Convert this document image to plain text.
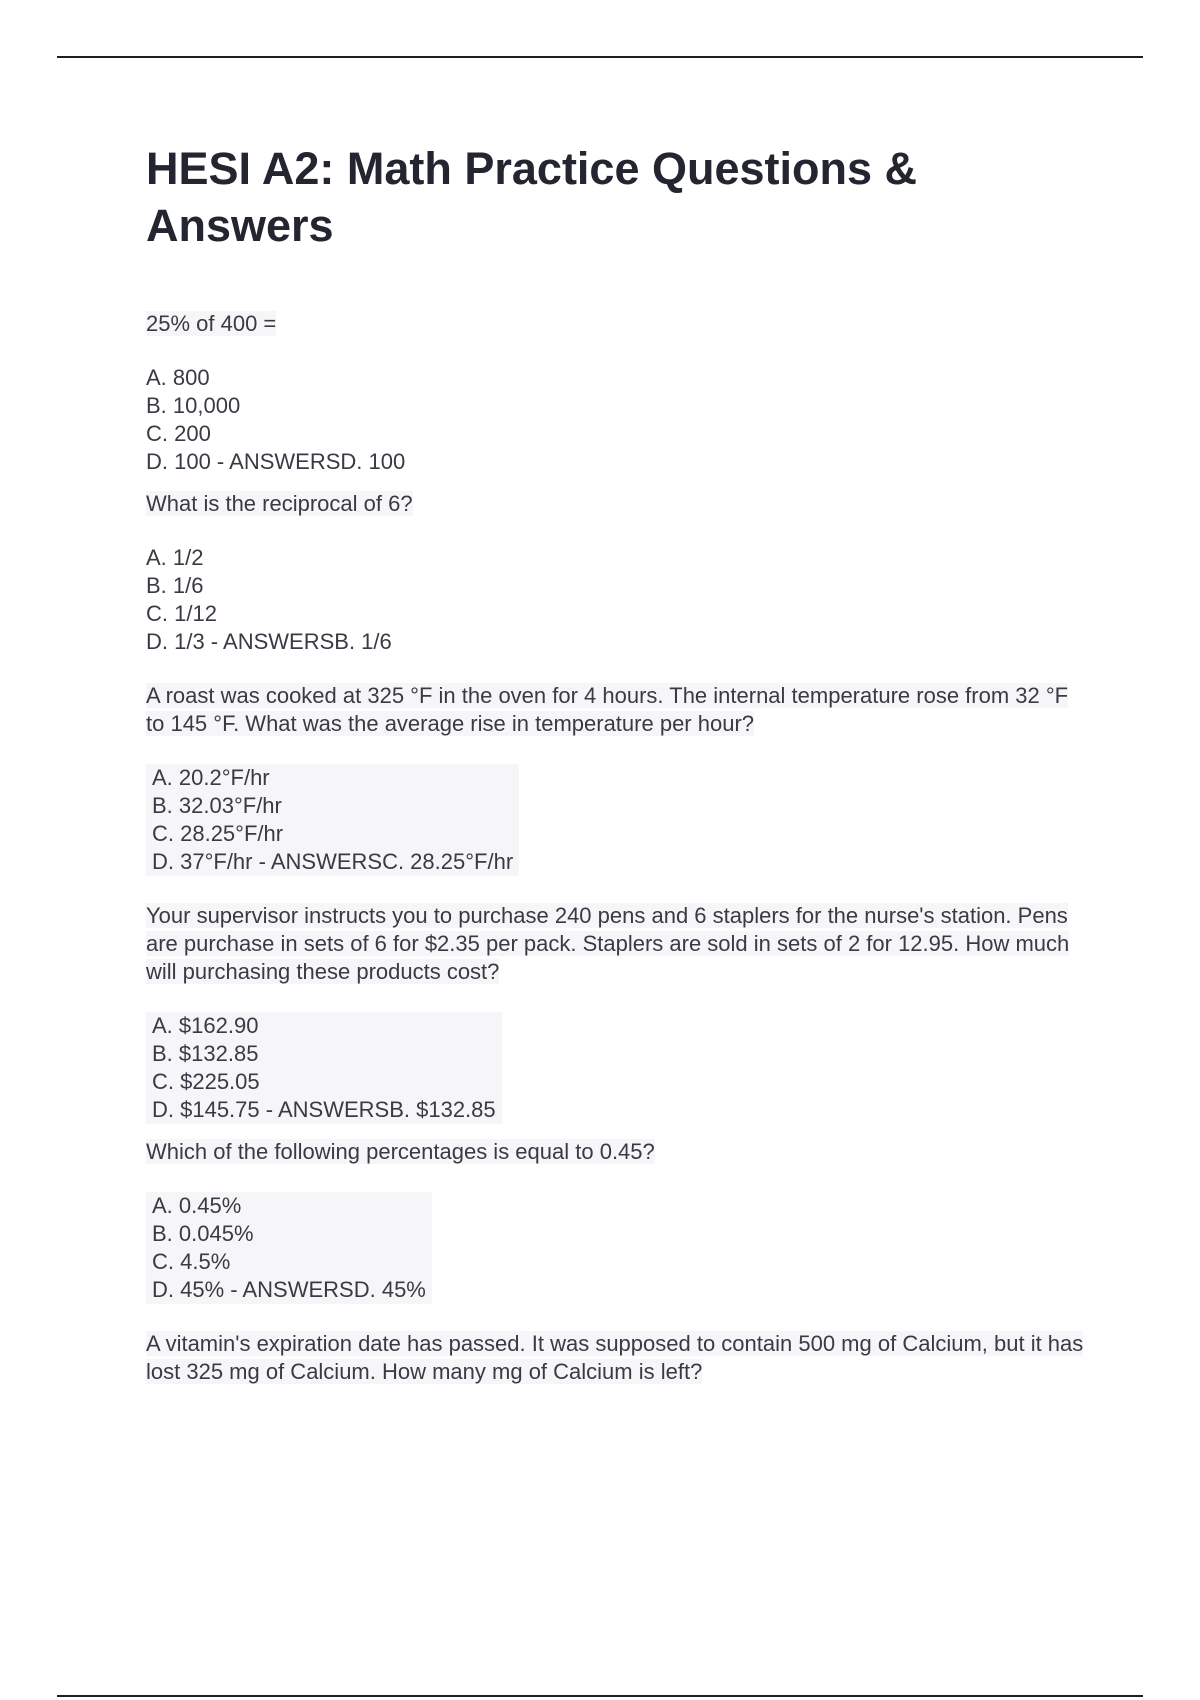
HESI A2: Math Practice Questions & Answers
25% of 400 =
A. 800
B. 10,000
C. 200
D. 100 - ANSWERSD. 100
What is the reciprocal of 6?
A. 1/2
B. 1/6
C. 1/12
D. 1/3 - ANSWERSB. 1/6
A roast was cooked at 325 °F in the oven for 4 hours. The internal temperature rose from 32 °F to 145 °F. What was the average rise in temperature per hour?
A. 20.2°F/hr
B. 32.03°F/hr
C. 28.25°F/hr
D. 37°F/hr - ANSWERSC. 28.25°F/hr
Your supervisor instructs you to purchase 240 pens and 6 staplers for the nurse's station. Pens are purchase in sets of 6 for $2.35 per pack. Staplers are sold in sets of 2 for 12.95. How much will purchasing these products cost?
A. $162.90
B. $132.85
C. $225.05
D. $145.75 - ANSWERSB. $132.85
Which of the following percentages is equal to 0.45?
A. 0.45%
B. 0.045%
C. 4.5%
D. 45% - ANSWERSD. 45%
A vitamin's expiration date has passed. It was supposed to contain 500 mg of Calcium, but it has lost 325 mg of Calcium. How many mg of Calcium is left?
